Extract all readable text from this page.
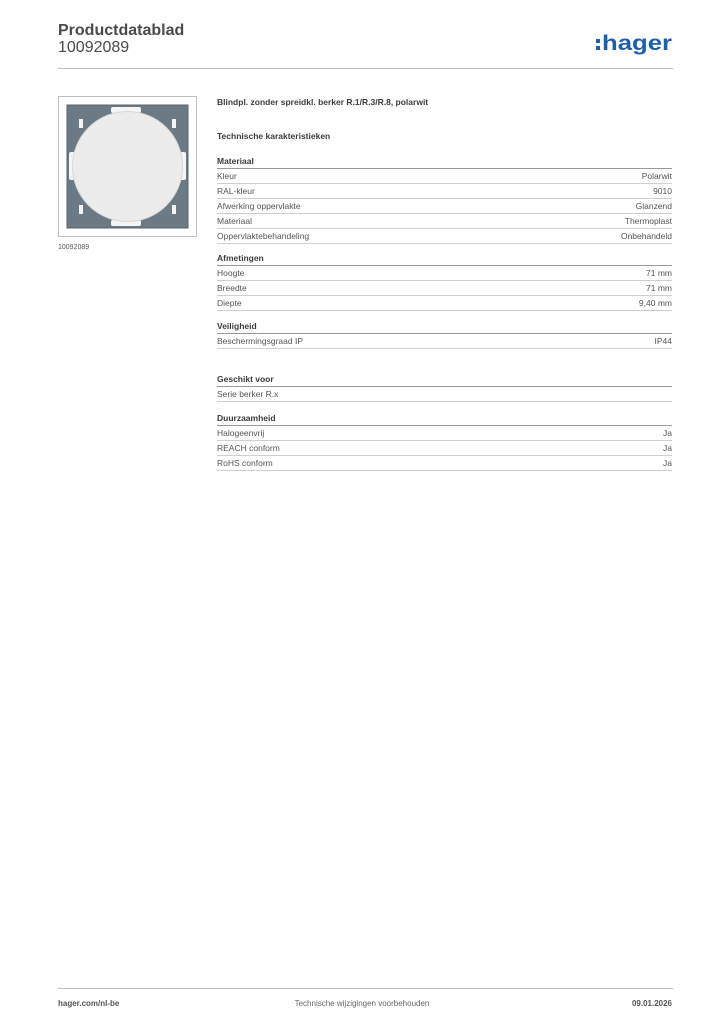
Productdatablad
10092089	hager
10092089
Blindpl. zonder spreidkl. berker R.1/R.3/R.8, polarwit
Technische karakteristieken
Materiaal
Kleur	Polarwit
RAL-kleur	9010
Afwerking oppervlakte	Glanzend
Materiaal	Thermoplast
Oppervlaktebehandeling	Onbehandeld
Afmetingen
Hoogte	71 mm
Breedte	71 mm
Diepte	9,40 mm
Veiligheid
Beschermingsgraad IP	IP44
Geschikt voor
Serie berker R.x
Duurzaamheid
Halogeenvrij	Ja
REACH conform	Ja
RoHS conform	Ja
hager.com/nl-be	Technische wijzigingen voorbehouden	09.01.2026
